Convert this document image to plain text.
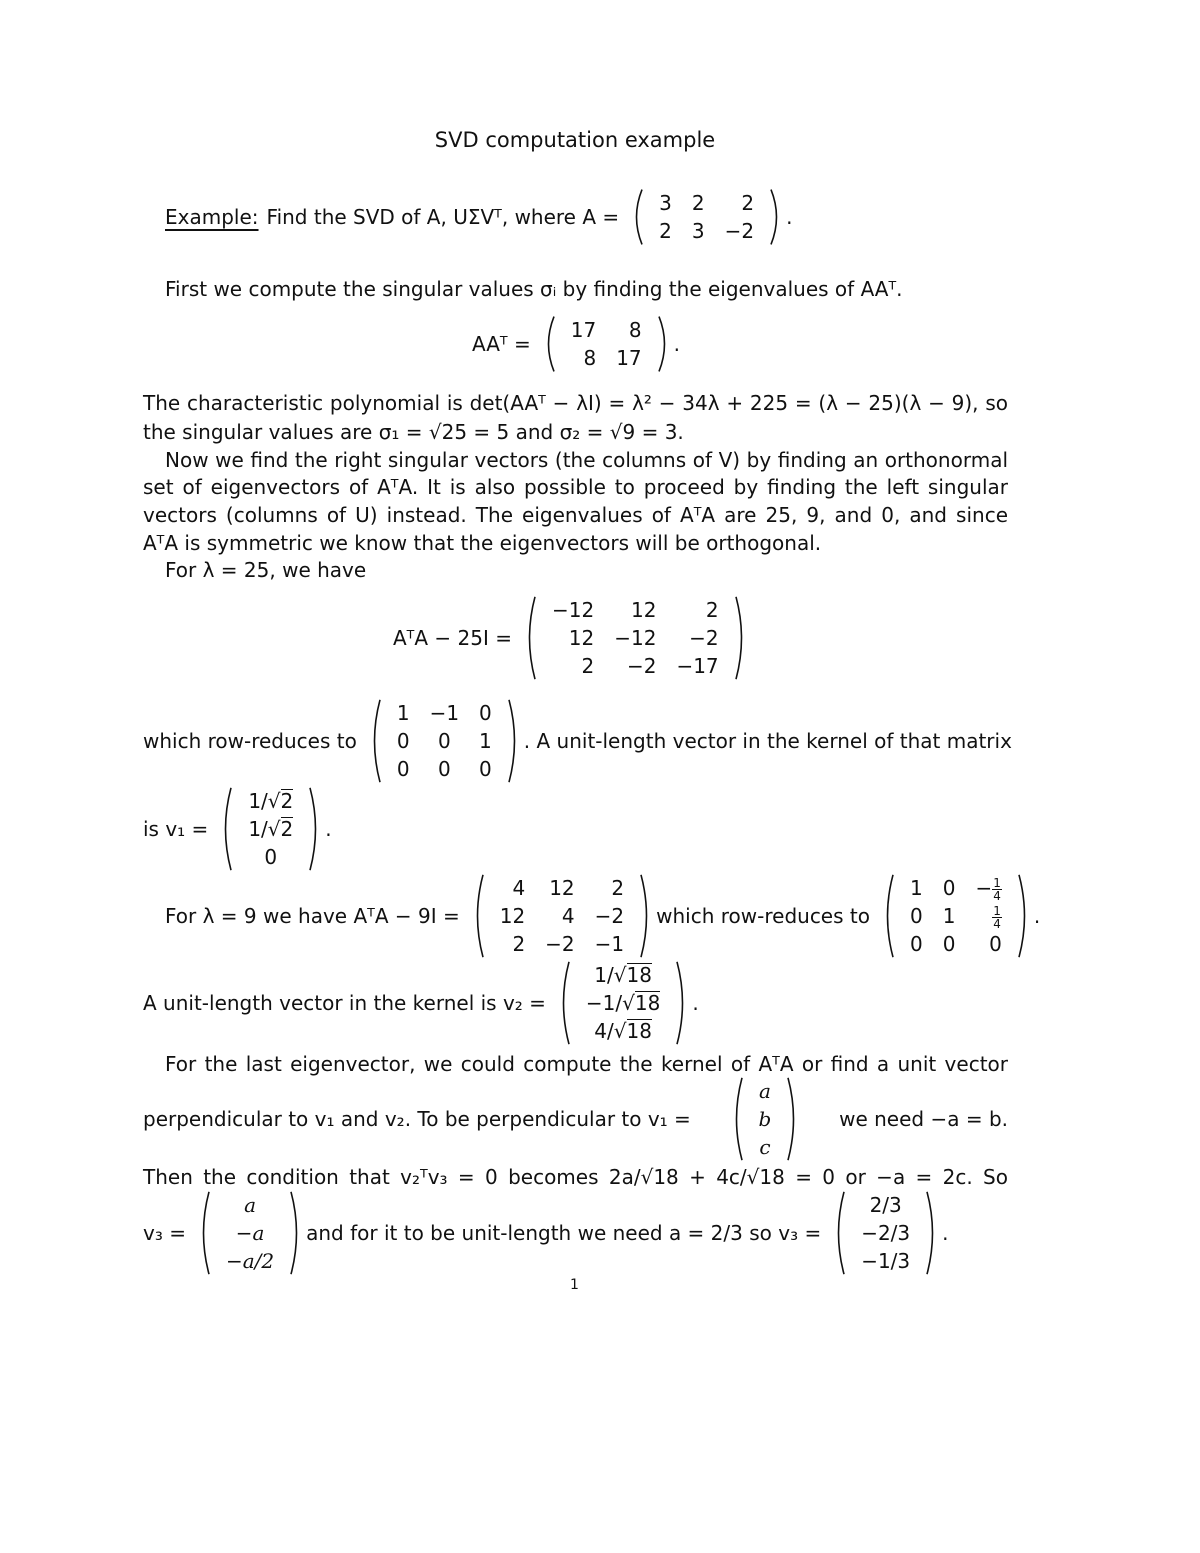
SVD computation example
Example: Find the SVD of A, UΣVᵀ, where A =
3	2	2
2	3	−2
.
First we compute the singular values σᵢ by finding the eigenvalues of AAᵀ.
AAᵀ =
17	8
8	17
.
The characteristic polynomial is det(AAᵀ − λI) = λ² − 34λ + 225 = (λ − 25)(λ − 9), so
the singular values are σ₁ = √25 = 5 and σ₂ = √9 = 3.
Now we find the right singular vectors (the columns of V) by finding an orthonormal
set of eigenvectors of AᵀA. It is also possible to proceed by finding the left singular
vectors (columns of U) instead. The eigenvalues of AᵀA are 25, 9, and 0, and since
AᵀA is symmetric we know that the eigenvectors will be orthogonal.
For λ = 25, we have
AᵀA − 25I =
−12	12	2
12	−12	−2
2	−2	−17
which row-reduces to
1	−1	0
0	0	1
0	0	0
. A unit-length vector in the kernel of that matrix
is v₁ =
1/√2
1/√2
0
.
For λ = 9 we have AᵀA − 9I =
4	12	2
12	4	−2
2	−2	−1
which row-reduces to
1	0	− $\frac{1}{4}$

0	1	$\frac{1}{4}$

0	0	0
.
A unit-length vector in the kernel is v₂ =
1/√18
−1/√18
4/√18
.
For the last eigenvector, we could compute the kernel of AᵀA or find a unit vector
perpendicular to v₁ and v₂. To be perpendicular to v₁ =
a
b
c
we need −a = b.
Then the condition that v₂ᵀv₃ = 0 becomes 2a/√18 + 4c/√18 = 0 or −a = 2c. So
v₃ =
a
−a
−a/2
and for it to be unit-length we need a = 2/3 so v₃ =
2/3
−2/3
−1/3
.
1
